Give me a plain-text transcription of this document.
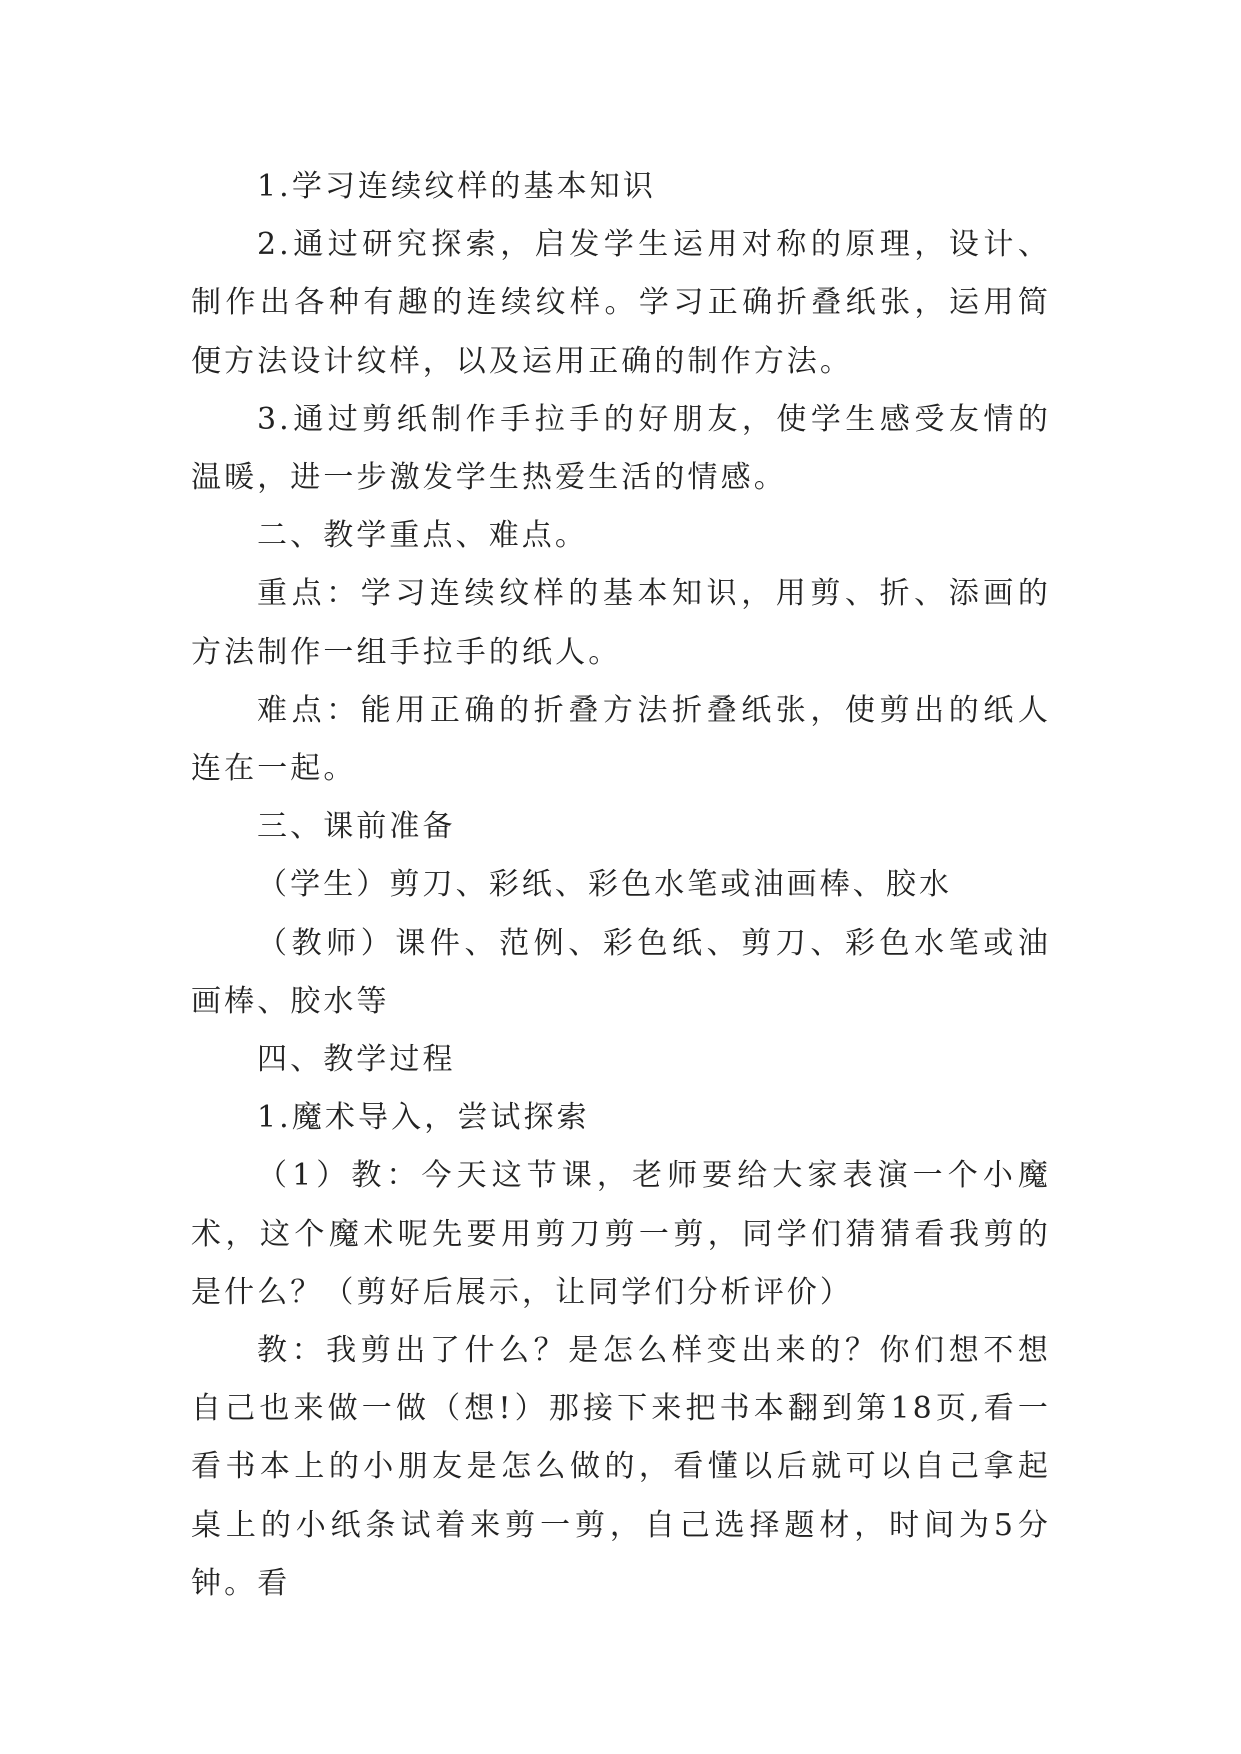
1.学习连续纹样的基本知识

2.通过研究探索，启发学生运用对称的原理，设计、制作出各种有趣的连续纹样。学习正确折叠纸张，运用简便方法设计纹样，以及运用正确的制作方法。

3.通过剪纸制作手拉手的好朋友，使学生感受友情的温暖，进一步激发学生热爱生活的情感。

二、教学重点、难点。

重点：学习连续纹样的基本知识，用剪、折、添画的方法制作一组手拉手的纸人。

难点：能用正确的折叠方法折叠纸张，使剪出的纸人连在一起。

三、课前准备

（学生）剪刀、彩纸、彩色水笔或油画棒、胶水

（教师）课件、范例、彩色纸、剪刀、彩色水笔或油画棒、胶水等

四、教学过程

1.魔术导入，尝试探索

（1）教：今天这节课，老师要给大家表演一个小魔术，这个魔术呢先要用剪刀剪一剪，同学们猜猜看我剪的是什么？（剪好后展示，让同学们分析评价）

教：我剪出了什么？是怎么样变出来的？你们想不想自己也来做一做（想!）那接下来把书本翻到第18页,看一看书本上的小朋友是怎么做的，看懂以后就可以自己拿起桌上的小纸条试着来剪一剪，自己选择题材，时间为5分钟。看
